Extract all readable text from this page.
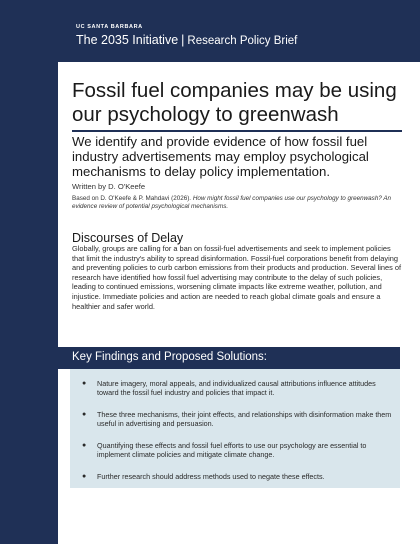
UC SANTA BARBARA
The 2035 Initiative | Research Policy Brief
Fossil fuel companies may be using
our psychology to greenwash
We identify and provide evidence of how fossil fuel industry advertisements may employ psychological mechanisms to delay policy implementation.
Written by D. O'Keefe
Based on D. O'Keefe & P. Mahdavi (2026). How might fossil fuel companies use our psychology to greenwash? An evidence review of potential psychological mechanisms.
Discourses of Delay
Globally, groups are calling for a ban on fossil-fuel advertisements and seek to implement policies that limit the industry's ability to spread disinformation. Fossil-fuel corporations benefit from delaying and preventing policies to curb carbon emissions from their products and production. Several lines of research have identified how fossil fuel advertising may contribute to the delay of such policies, leading to continued emissions, worsening climate impacts like extreme weather, pollution, and injustice. Immediate policies and action are needed to reach global climate goals and ensure a healthier and safer world.
Key Findings and Proposed Solutions:
● Nature imagery, moral appeals, and individualized causal attributions influence attitudes toward the fossil fuel industry and policies that impact it.
● These three mechanisms, their joint effects, and relationships with disinformation make them useful in advertising and persuasion.
● Quantifying these effects and fossil fuel efforts to use our psychology are essential to implement climate policies and mitigate climate change.
● Further research should address methods used to negate these effects.
